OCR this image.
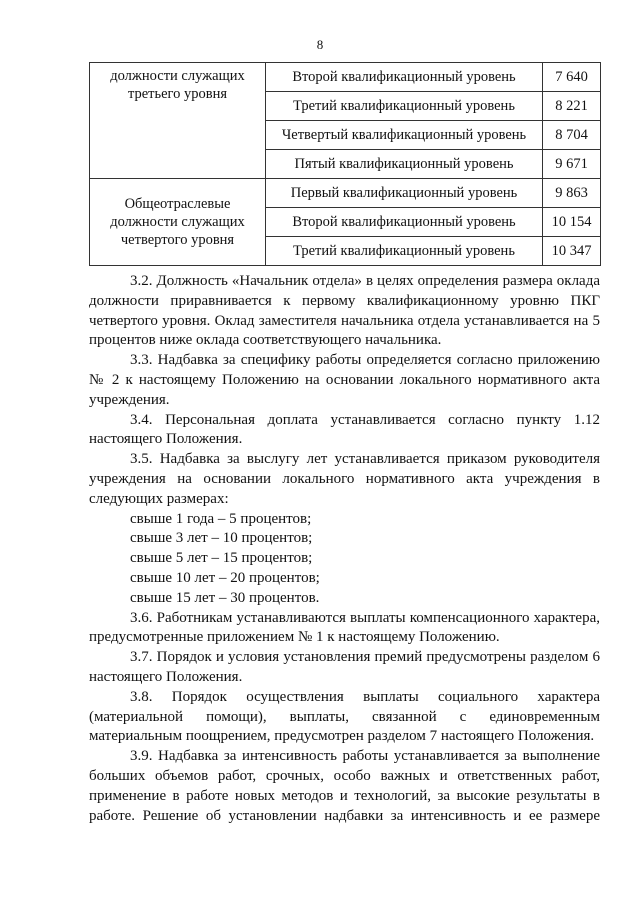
8
должности служащих третьего уровня	Второй квалификационный уровень	7 640
	Третий квалификационный уровень	8 221
	Четвертый квалификационный уровень	8 704
	Пятый квалификационный уровень	9 671
Общеотраслевые должности служащих четвертого уровня	Первый квалификационный уровень	9 863
	Второй квалификационный уровень	10 154
	Третий квалификационный уровень	10 347

3.2. Должность «Начальник отдела» в целях определения размера оклада должности приравнивается к первому квалификационному уровню ПКГ четвертого уровня. Оклад заместителя начальника отдела устанавливается на 5 процентов ниже оклада соответствующего начальника.

3.3. Надбавка за специфику работы определяется согласно приложению № 2 к настоящему Положению на основании локального нормативного акта учреждения.

3.4. Персональная доплата устанавливается согласно пункту 1.12 настоящего Положения.

3.5. Надбавка за выслугу лет устанавливается приказом руководителя учреждения на основании локального нормативного акта учреждения в следующих размерах:

свыше 1 года – 5 процентов;

свыше 3 лет – 10 процентов;

свыше 5 лет – 15 процентов;

свыше 10 лет – 20 процентов;

свыше 15 лет – 30 процентов.

3.6. Работникам устанавливаются выплаты компенсационного характера, предусмотренные приложением № 1 к настоящему Положению.

3.7. Порядок и условия установления премий предусмотрены разделом 6 настоящего Положения.

3.8. Порядок осуществления выплаты социального характера (материальной помощи), выплаты, связанной с единовременным материальным поощрением, предусмотрен разделом 7 настоящего Положения.

3.9. Надбавка за интенсивность работы устанавливается за выполнение больших объемов работ, срочных, особо важных и ответственных работ, применение в работе новых методов и технологий, за высокие результаты в работе. Решение об установлении надбавки за интенсивность и ее размере
